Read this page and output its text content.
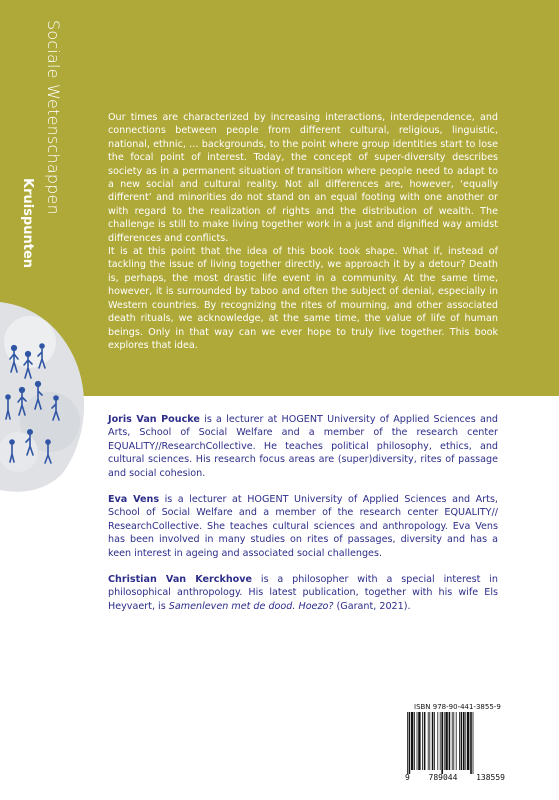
Sociale Wetenschappen
Kruispunten

Our times are characterized by increasing interactions, interdependence, and connections between people from different cultural, religious, linguistic, national, ethnic, … backgrounds, to the point where group identities start to lose the focal point of interest. Today, the concept of super-diversity describes society as in a permanent situation of transition where people need to adapt to a new social and cultural reality. Not all differences are, however, ‘equally different’ and minorities do not stand on an equal footing with one another or with regard to the realization of rights and the distribution of wealth. The challenge is still to make living together work in a just and dignified way amidst differences and conflicts.

It is at this point that the idea of this book took shape. What if, instead of tackling the issue of living together directly, we approach it by a detour? Death is, perhaps, the most drastic life event in a community. At the same time, however, it is surrounded by taboo and often the subject of denial, especially in Western countries. By recognizing the rites of mourning, and other associated death rituals, we acknowledge, at the same time, the value of life of human beings. Only in that way can we ever hope to truly live together. This book explores that idea.

Joris Van Poucke is a lecturer at HOGENT University of Applied Sciences and Arts, School of Social Welfare and a member of the research center EQUALITY//ResearchCollective. He teaches political philosophy, ethics, and cultural sciences. His research focus areas are (super)diversity, rites of passage and social cohesion.

Eva Vens is a lecturer at HOGENT University of Applied Sciences and Arts, School of Social Welfare and a member of the research center EQUALITY// ResearchCollective. She teaches cultural sciences and anthropology. Eva Vens has been involved in many studies on rites of passages, diversity and has a keen interest in ageing and associated social challenges.

Christian Van Kerckhove is a philosopher with a special interest in philosophical anthropology. His latest publication, together with his wife Els Heyvaert, is Samenleven met de dood. Hoezo? (Garant, 2021).

ISBN 978-90-441-3855-9
9 789044 138559
